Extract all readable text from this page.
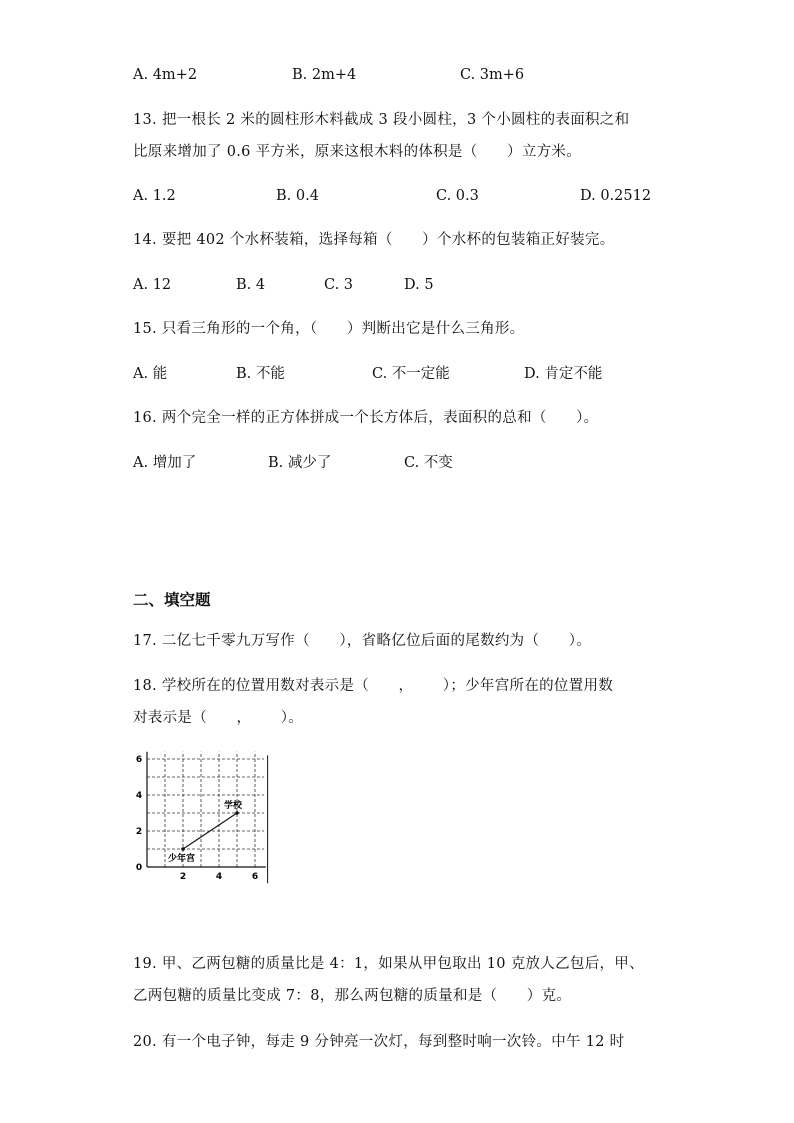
A. 4m+2	B. 2m+4	C. 3m+6
13. 把一根长 2 米的圆柱形木料截成 3 段小圆柱，3 个小圆柱的表面积之和
比原来增加了 0.6 平方米，原来这根木料的体积是（      ）立方米。
A. 1.2	B. 0.4	C. 0.3	D. 0.2512
14. 要把 402 个水杯装箱，选择每箱（      ）个水杯的包装箱正好装完。
A. 12	B. 4	C. 3	D. 5
15. 只看三角形的一个角，（      ）判断出它是什么三角形。
A. 能	B. 不能	C. 不一定能	D. 肯定不能
16. 两个完全一样的正方体拼成一个长方体后，表面积的总和（      ）。
A. 增加了	B. 减少了	C. 不变
二、填空题
17. 二亿七千零九万写作（      ），省略亿位后面的尾数约为（      ）。
18. 学校所在的位置用数对表示是（      ，      ）；少年宫所在的位置用数
对表示是（      ，      ）。
2	4	6
0
2
4
6
少年宫
学校
19. 甲、乙两包糖的质量比是 4：1，如果从甲包取出 10 克放人乙包后，甲、
乙两包糖的质量比变成 7：8，那么两包糖的质量和是（      ）克。
20. 有一个电子钟，每走 9 分钟亮一次灯，每到整时响一次铃。中午 12 时
